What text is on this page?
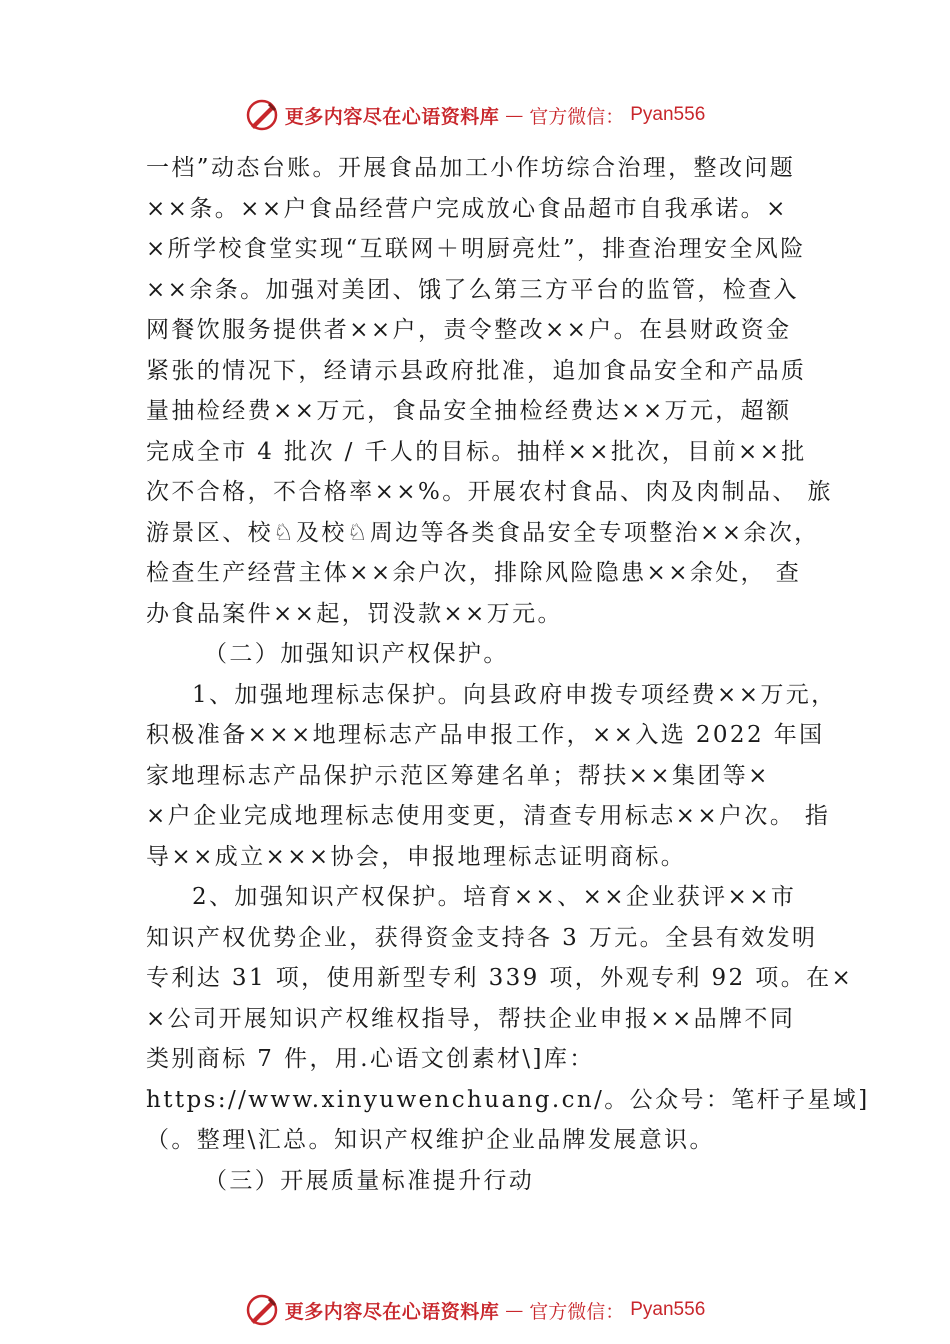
更多内容尽在心语资料库 — 官方微信： Pyan556

一档”动态台账。开展食品加工小作坊综合治理，整改问题

××条。××户食品经营户完成放心食品超市自我承诺。×

×所学校食堂实现“互联网＋明厨亮灶”，排查治理安全风险

××余条。加强对美团、饿了么第三方平台的监管，检查入

网餐饮服务提供者××户，责令整改××户。在县财政资金

紧张的情况下，经请示县政府批准，追加食品安全和产品质

量抽检经费××万元，食品安全抽检经费达××万元，超额

完成全市 4 批次 / 千人的目标。抽样××批次，目前××批

次不合格，不合格率××%。开展农村食品、肉及肉制品、 旅

游景区、校♘及校♘周边等各类食品安全专项整治××余次，

检查生产经营主体××余户次，排除风险隐患××余处， 查

办食品案件××起，罚没款××万元。

（二）加强知识产权保护。

1、加强地理标志保护。向县政府申拨专项经费××万元，

积极准备×××地理标志产品申报工作，××入选 2022 年国

家地理标志产品保护示范区筹建名单；帮扶××集团等×

×户企业完成地理标志使用变更，清查专用标志××户次。 指

导××成立×××协会，申报地理标志证明商标。

2、加强知识产权保护。培育××、××企业获评××市

知识产权优势企业，获得资金支持各 3 万元。全县有效发明

专利达 31 项，使用新型专利 339 项，外观专利 92 项。在×

×公司开展知识产权维权指导，帮扶企业申报××品牌不同

类别商标 7 件，用.心语文创素材\]库：

https://www.xinyuwenchuang.cn/。公众号：笔杆子星域]

（。整理\汇总。知识产权维护企业品牌发展意识。

（三）开展质量标准提升行动

更多内容尽在心语资料库 — 官方微信： Pyan556
